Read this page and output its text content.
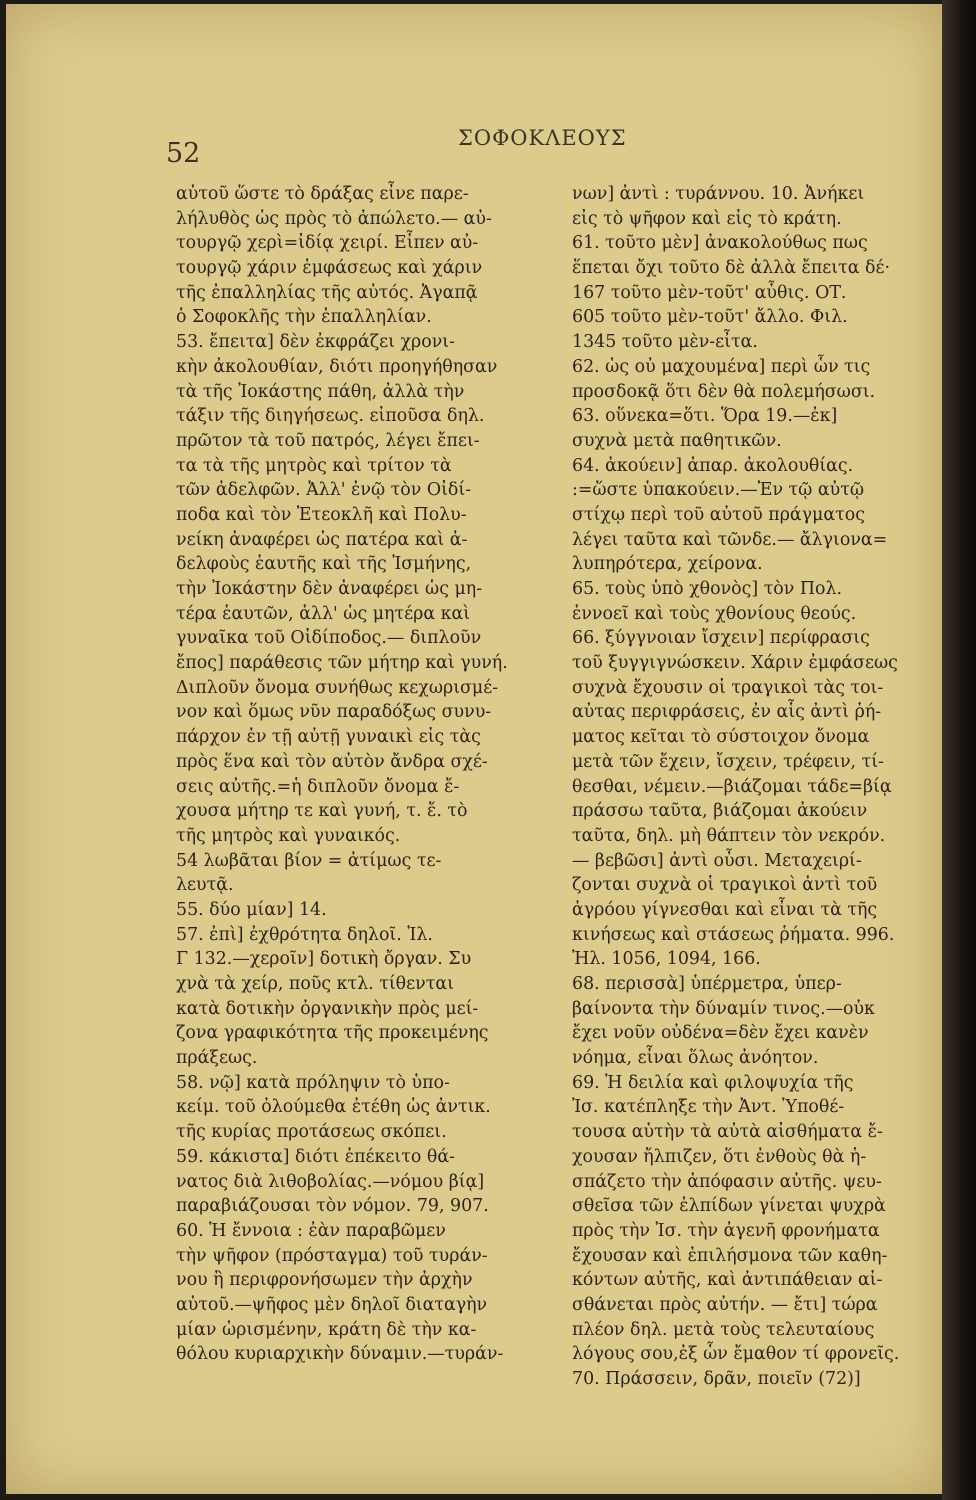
52	ΣΟΦΟΚΛΕΟΥΣ
αὐτοῦ ὥστε τὸ δράξας εἶνε παρε-
λήλυθὸς ὡς πρὸς τὸ ἀπώλετο.— αὐ-
τουργῷ χερὶ=ἰδίᾳ χειρί. Εἶπεν αὐ-
τουργῷ χάριν ἐμφάσεως καὶ χάριν
τῆς ἐπαλληλίας τῆς αὐτός. Ἀγαπᾷ
ὁ Σοφοκλῆς τὴν ἐπαλληλίαν.
53. ἔπειτα] δὲν ἐκφράζει χρονι-
κὴν ἀκολουθίαν, διότι προηγήθησαν
τὰ τῆς Ἰοκάστης πάθη, ἀλλὰ τὴν
τάξιν τῆς διηγήσεως. εἰποῦσα δηλ.
πρῶτον τὰ τοῦ πατρός, λέγει ἔπει-
τα τὰ τῆς μητρὸς καὶ τρίτον τὰ
τῶν ἀδελφῶν. Ἀλλ' ἐνῷ τὸν Οἰδί-
ποδα καὶ τὸν Ἐτεοκλῆ καὶ Πολυ-
νείκη ἀναφέρει ὡς πατέρα καὶ ἀ-
δελφοὺς ἑαυτῆς καὶ τῆς Ἰσμήνης,
τὴν Ἰοκάστην δὲν ἀναφέρει ὡς μη-
τέρα ἑαυτῶν, ἀλλ' ὡς μητέρα καὶ
γυναῖκα τοῦ Οἰδίποδος.— διπλοῦν
ἔπος] παράθεσις τῶν μήτηρ καὶ γυνή.
Διπλοῦν ὄνομα συνήθως κεχωρισμέ-
νον καὶ ὅμως νῦν παραδόξως συνυ-
πάρχον ἐν τῇ αὐτῇ γυναικὶ εἰς τὰς
πρὸς ἕνα καὶ τὸν αὐτὸν ἄνδρα σχέ-
σεις αὐτῆς.=ἡ διπλοῦν ὄνομα ἔ-
χουσα μήτηρ τε καὶ γυνή, τ. ἔ. τὸ
τῆς μητρὸς καὶ γυναικός.
54 λωβᾶται βίον = ἀτίμως τε-
λευτᾷ.
55. δύο μίαν] 14.
57. ἐπὶ] ἐχθρότητα δηλοῖ. Ἰλ.
Γ 132.—χεροῖν] δοτικὴ ὄργαν. Συ
χνὰ τὰ χείρ, ποῦς κτλ. τίθενται
κατὰ δοτικὴν ὀργανικὴν πρὸς μεί-
ζονα γραφικότητα τῆς προκειμένης
πράξεως.
58. νῷ] κατὰ πρόληψιν τὸ ὑπο-
κείμ. τοῦ ὀλούμεθα ἐτέθη ὡς ἀντικ.
τῆς κυρίας προτάσεως σκόπει.
59. κάκιστα] διότι ἐπέκειτο θά-
νατος διὰ λιθοβολίας.—νόμου βίᾳ]
παραβιάζουσαι τὸν νόμον. 79, 907.
60. Ἡ ἔννοια : ἐὰν παραβῶμεν
τὴν ψῆφον (πρόσταγμα) τοῦ τυράν-
νου ἢ περιφρονήσωμεν τὴν ἀρχὴν
αὐτοῦ.—ψῆφος μὲν δηλοῖ διαταγὴν
μίαν ὡρισμένην, κράτη δὲ τὴν κα-
θόλου κυριαρχικὴν δύναμιν.—τυράν-
νων] ἀντὶ : τυράννου. 10. Ἀνήκει
εἰς τὸ ψῆφον καὶ εἰς τὸ κράτη.
61. τοῦτο μὲν] ἀνακολούθως πως
ἕπεται ὄχι τοῦτο δὲ ἀλλὰ ἔπειτα δέ·
167 τοῦτο μὲν-τοῦτ' αὖθις. ΟΤ.
605 τοῦτο μὲν-τοῦτ' ἄλλο. Φιλ.
1345 τοῦτο μὲν-εἶτα.
62. ὡς οὐ μαχουμένα] περὶ ὧν τις
προσδοκᾷ ὅτι δὲν θὰ πολεμήσωσι.
63. οὕνεκα=ὅτι. Ὅρα 19.—ἐκ]
συχνὰ μετὰ παθητικῶν.
64. ἀκούειν] ἀπαρ. ἀκολουθίας.
:=ὥστε ὑπακούειν.—Ἐν τῷ αὐτῷ
στίχῳ περὶ τοῦ αὐτοῦ πράγματος
λέγει ταῦτα καὶ τῶνδε.— ἄλγιονα=
λυπηρότερα, χείρονα.
65. τοὺς ὑπὸ χθονὸς] τὸν Πολ.
ἐννοεῖ καὶ τοὺς χθονίους θεούς.
66. ξύγγνοιαν ἴσχειν] περίφρασις
τοῦ ξυγγιγνώσκειν. Χάριν ἐμφάσεως
συχνὰ ἔχουσιν οἱ τραγικοὶ τὰς τοι-
αὐτας περιφράσεις, ἐν αἷς ἀντὶ ῥή-
ματος κεῖται τὸ σύστοιχον ὄνομα
μετὰ τῶν ἔχειν, ἴσχειν, τρέφειν, τί-
θεσθαι, νέμειν.—βιάζομαι τάδε=βίᾳ
πράσσω ταῦτα, βιάζομαι ἀκούειν
ταῦτα, δηλ. μὴ θάπτειν τὸν νεκρόν.
— βεβῶσι] ἀντὶ οὖσι. Μεταχειρί-
ζονται συχνὰ οἱ τραγικοὶ ἀντὶ τοῦ
ἀγρόου γίγνεσθαι καὶ εἶναι τὰ τῆς
κινήσεως καὶ στάσεως ῥήματα. 996.
Ἠλ. 1056, 1094, 166.
68. περισσὰ] ὑπέρμετρα, ὑπερ-
βαίνοντα τὴν δύναμίν τινος.—οὐκ
ἔχει νοῦν οὐδένα=δὲν ἔχει κανὲν
νόημα, εἶναι ὅλως ἀνόητον.
69. Ἡ δειλία καὶ φιλοψυχία τῆς
Ἰσ. κατέπληξε τὴν Ἀντ. Ὑποθέ-
τουσα αὐτὴν τὰ αὐτὰ αἰσθήματα ἔ-
χουσαν ἤλπιζεν, ὅτι ἐνθοὺς θὰ ἡ-
σπάζετο τὴν ἀπόφασιν αὐτῆς. ψευ-
σθεῖσα τῶν ἐλπίδων γίνεται ψυχρὰ
πρὸς τὴν Ἰσ. τὴν ἀγενῆ φρονήματα
ἔχουσαν καὶ ἐπιλήσμονα τῶν καθη-
κόντων αὐτῆς, καὶ ἀντιπάθειαν αἰ-
σθάνεται πρὸς αὐτήν. — ἔτι] τώρα
πλέον δηλ. μετὰ τοὺς τελευταίους
λόγους σου,ἐξ ὧν ἔμαθον τί φρονεῖς.
70. Πράσσειν, δρᾶν, ποιεῖν (72)]
